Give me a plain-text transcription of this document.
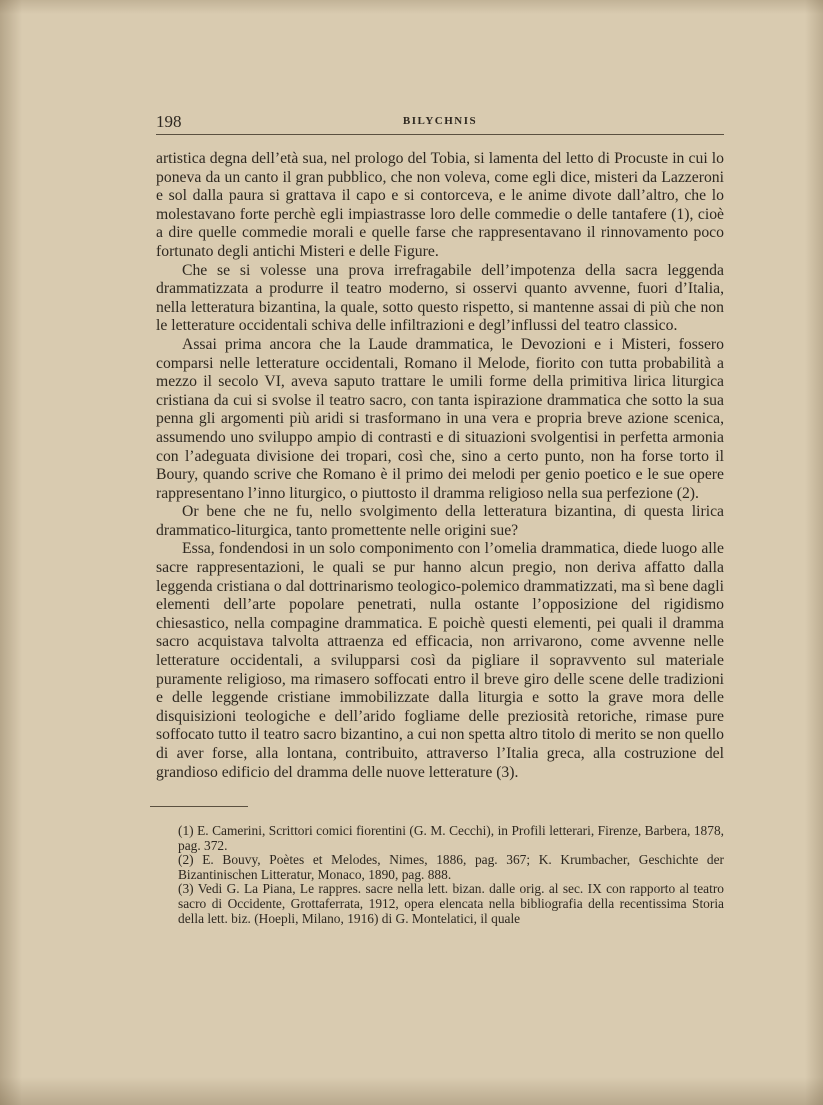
198	BILYCHNIS

artistica degna dell’età sua, nel prologo del Tobia, si lamenta del letto di Procuste in cui lo poneva da un canto il gran pubblico, che non voleva, come egli dice, misteri da Lazzeroni e sol dalla paura si grattava il capo e si contorceva, e le anime divote dall’altro, che lo molestavano forte perchè egli impiastrasse loro delle commedie o delle tantafere (1), cioè a dire quelle commedie morali e quelle farse che rappresentavano il rinnovamento poco fortunato degli antichi Misteri e delle Figure.

Che se si volesse una prova irrefragabile dell’impotenza della sacra leggenda drammatizzata a produrre il teatro moderno, si osservi quanto avvenne, fuori d’Italia, nella letteratura bizantina, la quale, sotto questo rispetto, si mantenne assai di più che non le letterature occidentali schiva delle infiltrazioni e degl’influssi del teatro classico.

Assai prima ancora che la Laude drammatica, le Devozioni e i Misteri, fossero comparsi nelle letterature occidentali, Romano il Melode, fiorito con tutta probabilità a mezzo il secolo VI, aveva saputo trattare le umili forme della primitiva lirica liturgica cristiana da cui si svolse il teatro sacro, con tanta ispirazione drammatica che sotto la sua penna gli argomenti più aridi si trasformano in una vera e propria breve azione scenica, assumendo uno sviluppo ampio di contrasti e di situazioni svolgentisi in perfetta armonia con l’adeguata divisione dei tropari, così che, sino a certo punto, non ha forse torto il Boury, quando scrive che Romano è il primo dei melodi per genio poetico e le sue opere rappresentano l’inno liturgico, o piuttosto il dramma religioso nella sua perfezione (2).

Or bene che ne fu, nello svolgimento della letteratura bizantina, di questa lirica drammatico-liturgica, tanto promettente nelle origini sue?

Essa, fondendosi in un solo componimento con l’omelia drammatica, diede luogo alle sacre rappresentazioni, le quali se pur hanno alcun pregio, non deriva affatto dalla leggenda cristiana o dal dottrinarismo teologico-polemico drammatizzati, ma sì bene dagli elementi dell’arte popolare penetrati, nulla ostante l’opposizione del rigidismo chiesastico, nella compagine drammatica. E poichè questi elementi, pei quali il dramma sacro acquistava talvolta attraenza ed efficacia, non arrivarono, come avvenne nelle letterature occidentali, a svilupparsi così da pigliare il sopravvento sul materiale puramente religioso, ma rimasero soffocati entro il breve giro delle scene delle tradizioni e delle leggende cristiane immobilizzate dalla liturgia e sotto la grave mora delle disquisizioni teologiche e dell’arido fogliame delle preziosità retoriche, rimase pure soffocato tutto il teatro sacro bizantino, a cui non spetta altro titolo di merito se non quello di aver forse, alla lontana, contribuito, attraverso l’Italia greca, alla costruzione del grandioso edificio del dramma delle nuove letterature (3).

(1) E. Camerini, Scrittori comici fiorentini (G. M. Cecchi), in Profili letterari, Firenze, Barbera, 1878, pag. 372.

(2) E. Bouvy, Poètes et Melodes, Nimes, 1886, pag. 367; K. Krumbacher, Geschichte der Bizantinischen Litteratur, Monaco, 1890, pag. 888.

(3) Vedi G. La Piana, Le rappres. sacre nella lett. bizan. dalle orig. al sec. IX con rapporto al teatro sacro di Occidente, Grottaferrata, 1912, opera elencata nella bibliografia della recentissima Storia della lett. biz. (Hoepli, Milano, 1916) di G. Montelatici, il quale
